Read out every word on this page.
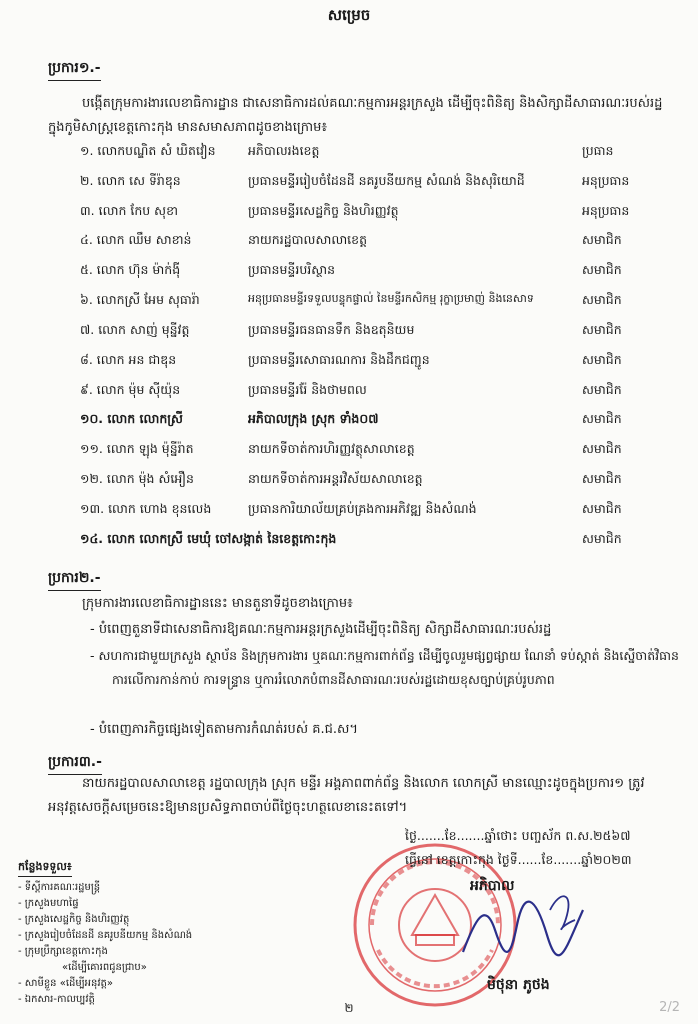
សម្រេច
ប្រការ១.-
បង្កើតក្រុមការងារលេខាធិការដ្ឋាន ជាសេនាធិការដល់គណៈកម្មការអន្តរក្រសួង ដើម្បីចុះពិនិត្យ និងសិក្សាដីសាធារណៈរបស់រដ្ឋ ក្នុងកូមិសាស្ត្រខេត្តកោះកុង មានសមាសភាពដូចខាងក្រោម៖
១. លោកបណ្ឌិត សំ ឃិតវៀន	អភិបាលរងខេត្ត	ប្រធាន
២. លោក សេ ទីរ៉ាឌុន	ប្រធានមន្ទីររៀបចំដែនដី នគរូបនីយកម្ម សំណង់ និងសុរិយោដី	អនុប្រធាន
៣. លោក កែប សុខា	ប្រធានមន្ទីរសេដ្ឋកិច្ច និងហិរញ្ញវត្ថុ	អនុប្រធាន
៤. លោក ឈឹម សាខាន់	នាយករដ្ឋបាលសាលាខេត្ត	សមាជិក
៥. លោក ហ៊ុន ម៉ាក់ង៉ី	ប្រធានមន្ទីរបរិស្ថាន	សមាជិក
៦. លោកស្រី អែម សុធារ៉ា	អនុប្រធានមន្ទីរទទួលបន្ទុកផ្ទាល់ នៃមន្ទីរកសិកម្ម រុក្ខាប្រមាញ់ និងនេសាទ	សមាជិក
៧. លោក សាញ់ មុន្នីវត្ត	ប្រធានមន្ទីរធនធានទឹក និងឧតុនិយម	សមាជិក
៨. លោក អន ជាឌុន	ប្រធានមន្ទីរសោធារណការ និងដឹកជញ្ជូន	សមាជិក
៩. លោក ម៉ុម ស៊ីយ៉ុន	ប្រធានមន្ទីររ៉ែ និងថាមពល	សមាជិក
១០. លោក លោកស្រី	អភិបាលក្រុង ស្រុក ទាំង០៧	សមាជិក
១១. លោក ឡុង ម៉ុន្នីរ៉ាត	នាយកទីចាត់ការហិរញ្ញវត្ថុសាលាខេត្ត	សមាជិក
១២. លោក ម៉ុង សំអឿន	នាយកទីចាត់ការអន្តរវិស័យសាលាខេត្ត	សមាជិក
១៣. លោក ហោង ខុនលេង	ប្រធានការិយាល័យគ្រប់គ្រងការអភិវឌ្ឍ និងសំណង់	សមាជិក
១៤. លោក លោកស្រី មេឃុំ ចៅសង្កាត់ នៃខេត្តកោះកុង	សមាជិក
ប្រការ២.-
ក្រុមការងារលេខាធិការដ្ឋាននេះ មានតួនាទីដូចខាងក្រោម៖
- បំពេញតួនាទីជាសេនាធិការឱ្យគណៈកម្មការអន្តរក្រសួងដើម្បីចុះពិនិត្យ សិក្សាដីសាធារណៈរបស់រដ្ឋ
- សហការជាមួយក្រសួង ស្ថាប័ន និងក្រុមការងារ ឬគណៈកម្មការពាក់ព័ន្ធ ដើម្បីចូលរួមផ្សព្វផ្សាយ ណែនាំ ទប់ស្កាត់ និងស្នើចាត់វិធានការលើការកាន់កាប់ ការទន្ទ្រាន ឬការរំលោភបំពានដីសាធារណៈរបស់រដ្ឋដោយខុសច្បាប់គ្រប់រូបភាព
- បំពេញភារកិច្ចផ្សេងទៀតតាមការកំណត់របស់ គ.ជ.ស។
ប្រការ៣.-
នាយករដ្ឋបាលសាលាខេត្ត រដ្ឋបាលក្រុង ស្រុក មន្ទីរ អង្គភាពពាក់ព័ន្ធ និងលោក លោកស្រី មានឈ្មោះដូចក្នុងប្រការ១ ត្រូវអនុវត្តសេចក្ដីសម្រេចនេះឱ្យមានប្រសិទ្ធភាពចាប់ពីថ្ងៃចុះហត្ថលេខានេះតទៅ។
ថ្ងៃ.......ខែ.......ឆ្នាំថោះ បញ្ចស័ក ព.ស.២៥៦៧
ធ្វើនៅ ខេត្តកោះកុង ថ្ងៃទី......ខែ.......ឆ្នាំ២០២៣
អភិបាល
មិថុនា ភូថង
កន្លែងទទួល៖
- ទីស្តីការគណៈរដ្ឋមន្ត្រី
- ក្រសួងមហាផ្ទៃ
- ក្រសួងសេដ្ឋកិច្ច និងហិរញ្ញវត្ថុ
- ក្រសួងរៀបចំដែនដី នគរូបនីយកម្ម និងសំណង់
- ក្រុមប្រឹក្សាខេត្តកោះកុង
«ដើម្បីគោរពជូនជ្រាប»
- សាមីខ្លួន «ដើម្បីអនុវត្ត»
- ឯកសារ-កាលប្បវត្តិ
២	2/2
